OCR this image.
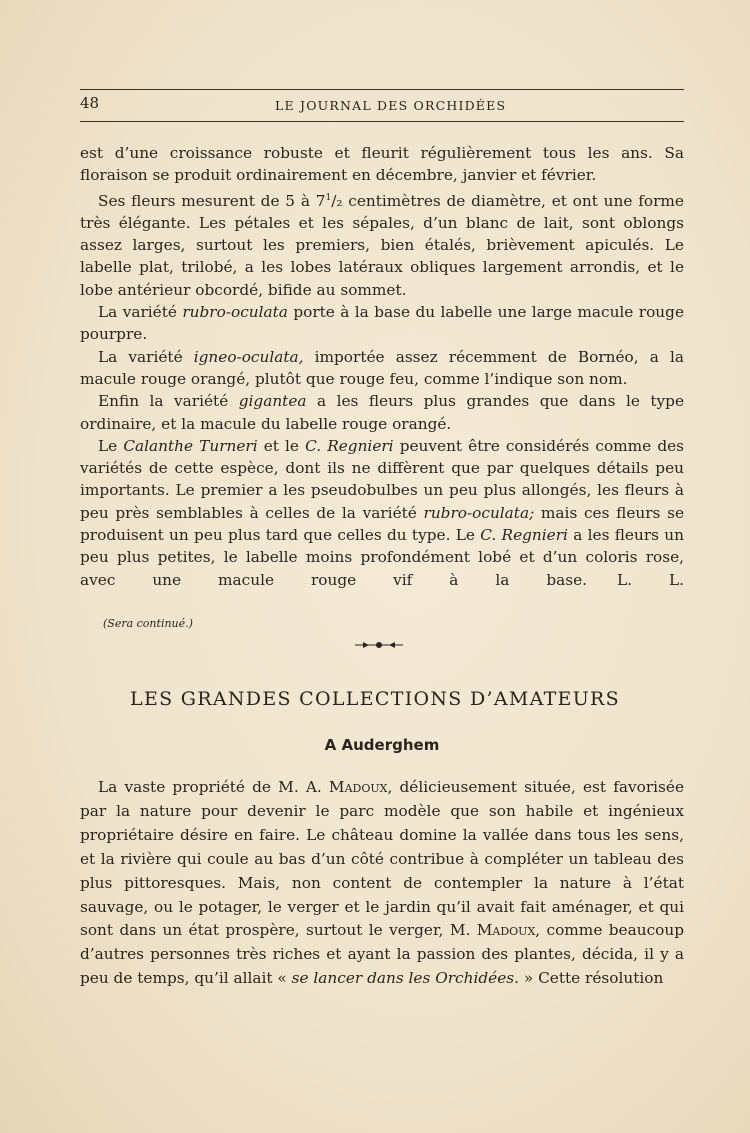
48	LE JOURNAL DES ORCHIDÉES

est d’une croissance robuste et fleurit régulièrement tous les ans. Sa floraison se produit ordinairement en décembre, janvier et février.

Ses fleurs mesurent de 5 à $7^1/_2$ centimètres de diamètre, et ont une forme très élégante. Les pétales et les sépales, d’un blanc de lait, sont oblongs assez larges, surtout les premiers, bien étalés, brièvement apiculés. Le labelle plat, trilobé, a les lobes latéraux obliques largement arrondis, et le lobe antérieur obcordé, bifide au sommet.

La variété rubro-oculata porte à la base du labelle une large macule rouge pourpre.

La variété igneo-oculata, importée assez récemment de Bornéo, a la macule rouge orangé, plutôt que rouge feu, comme l’indique son nom.

Enfin la variété gigantea a les fleurs plus grandes que dans le type ordinaire, et la macule du labelle rouge orangé.

Le Calanthe Turneri et le C. Regnieri peuvent être considérés comme des variétés de cette espèce, dont ils ne diffèrent que par quelques détails peu importants. Le premier a les pseudobulbes un peu plus allongés, les fleurs à peu près semblables à celles de la variété rubro-oculata; mais ces fleurs se produisent un peu plus tard que celles du type. Le C. Regnieri a les fleurs un peu plus petites, le labelle moins profondément lobé et d’un coloris rose, avec une macule rouge vif à la base. L. L.

(Sera continué.)
LES GRANDES COLLECTIONS D’AMATEURS
A Auderghem

La vaste propriété de M. A. Madoux, délicieusement située, est favorisée par la nature pour devenir le parc modèle que son habile et ingénieux propriétaire désire en faire. Le château domine la vallée dans tous les sens, et la rivière qui coule au bas d’un côté contribue à compléter un tableau des plus pittoresques. Mais, non content de contempler la nature à l’état sauvage, ou le potager, le verger et le jardin qu’il avait fait aménager, et qui sont dans un état prospère, surtout le verger, M. Madoux, comme beaucoup d’autres personnes très riches et ayant la passion des plantes, décida, il y a peu de temps, qu’il allait « se lancer dans les Orchidées. » Cette résolution
